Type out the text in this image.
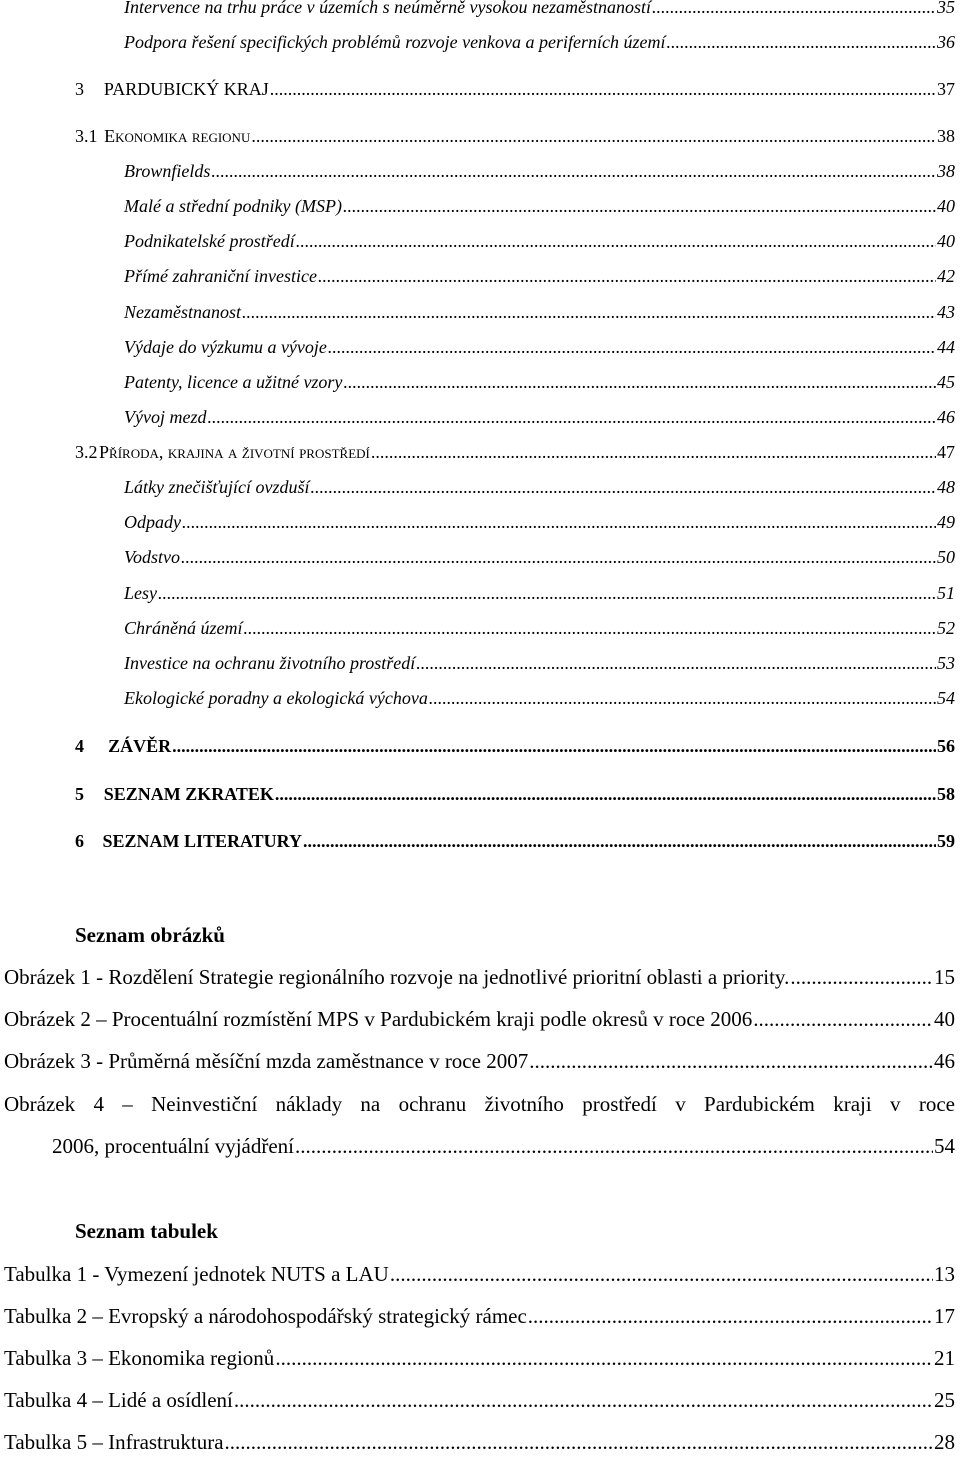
Intervence na trhu práce v územích s neúměrně vysokou nezaměstnaností .....	35
Podpora řešení specifických problémů rozvoje venkova a periferních území .....	36
3	PARDUBICKÝ KRAJ .....	37
3.1 Ekonomika regionu .....	38
Brownfields .....	38
Malé a střední podniky (MSP) .....	40
Podnikatelské prostředí .....	40
Přímé zahraniční investice .....	42
Nezaměstnanost .....	43
Výdaje do výzkumu a vývoje .....	44
Patenty, licence a užitné vzory .....	45
Vývoj mezd .....	46
3.2 Příroda, krajina a životní prostředí .....	47
Látky znečišťující ovzduší .....	48
Odpady .....	49
Vodstvo .....	50
Lesy .....	51
Chráněná území .....	52
Investice na ochranu životního prostředí .....	53
Ekologické poradny a ekologická výchova .....	54
4	ZÁVĚR .....	56
5	SEZNAM ZKRATEK .....	58
6	SEZNAM LITERATURY .....	59
Seznam obrázků
Obrázek 1 - Rozdělení Strategie regionálního rozvoje na jednotlivé prioritní oblasti a priority. .....	15
Obrázek 2 – Procentuální rozmístění MPS v Pardubickém kraji podle okresů v roce 2006 .....	40
Obrázek 3 - Průměrná měsíční mzda zaměstnance v roce 2007 .....	46
Obrázek 4 – Neinvestiční náklady na ochranu životního prostředí v Pardubickém kraji v roce
2006, procentuální vyjádření .....	54
Seznam tabulek
Tabulka 1 - Vymezení jednotek NUTS a LAU .....	13
Tabulka 2 – Evropský a národohospodářský strategický rámec .....	17
Tabulka 3 – Ekonomika regionů .....	21
Tabulka 4 – Lidé a osídlení .....	25
Tabulka 5 – Infrastruktura .....	28
